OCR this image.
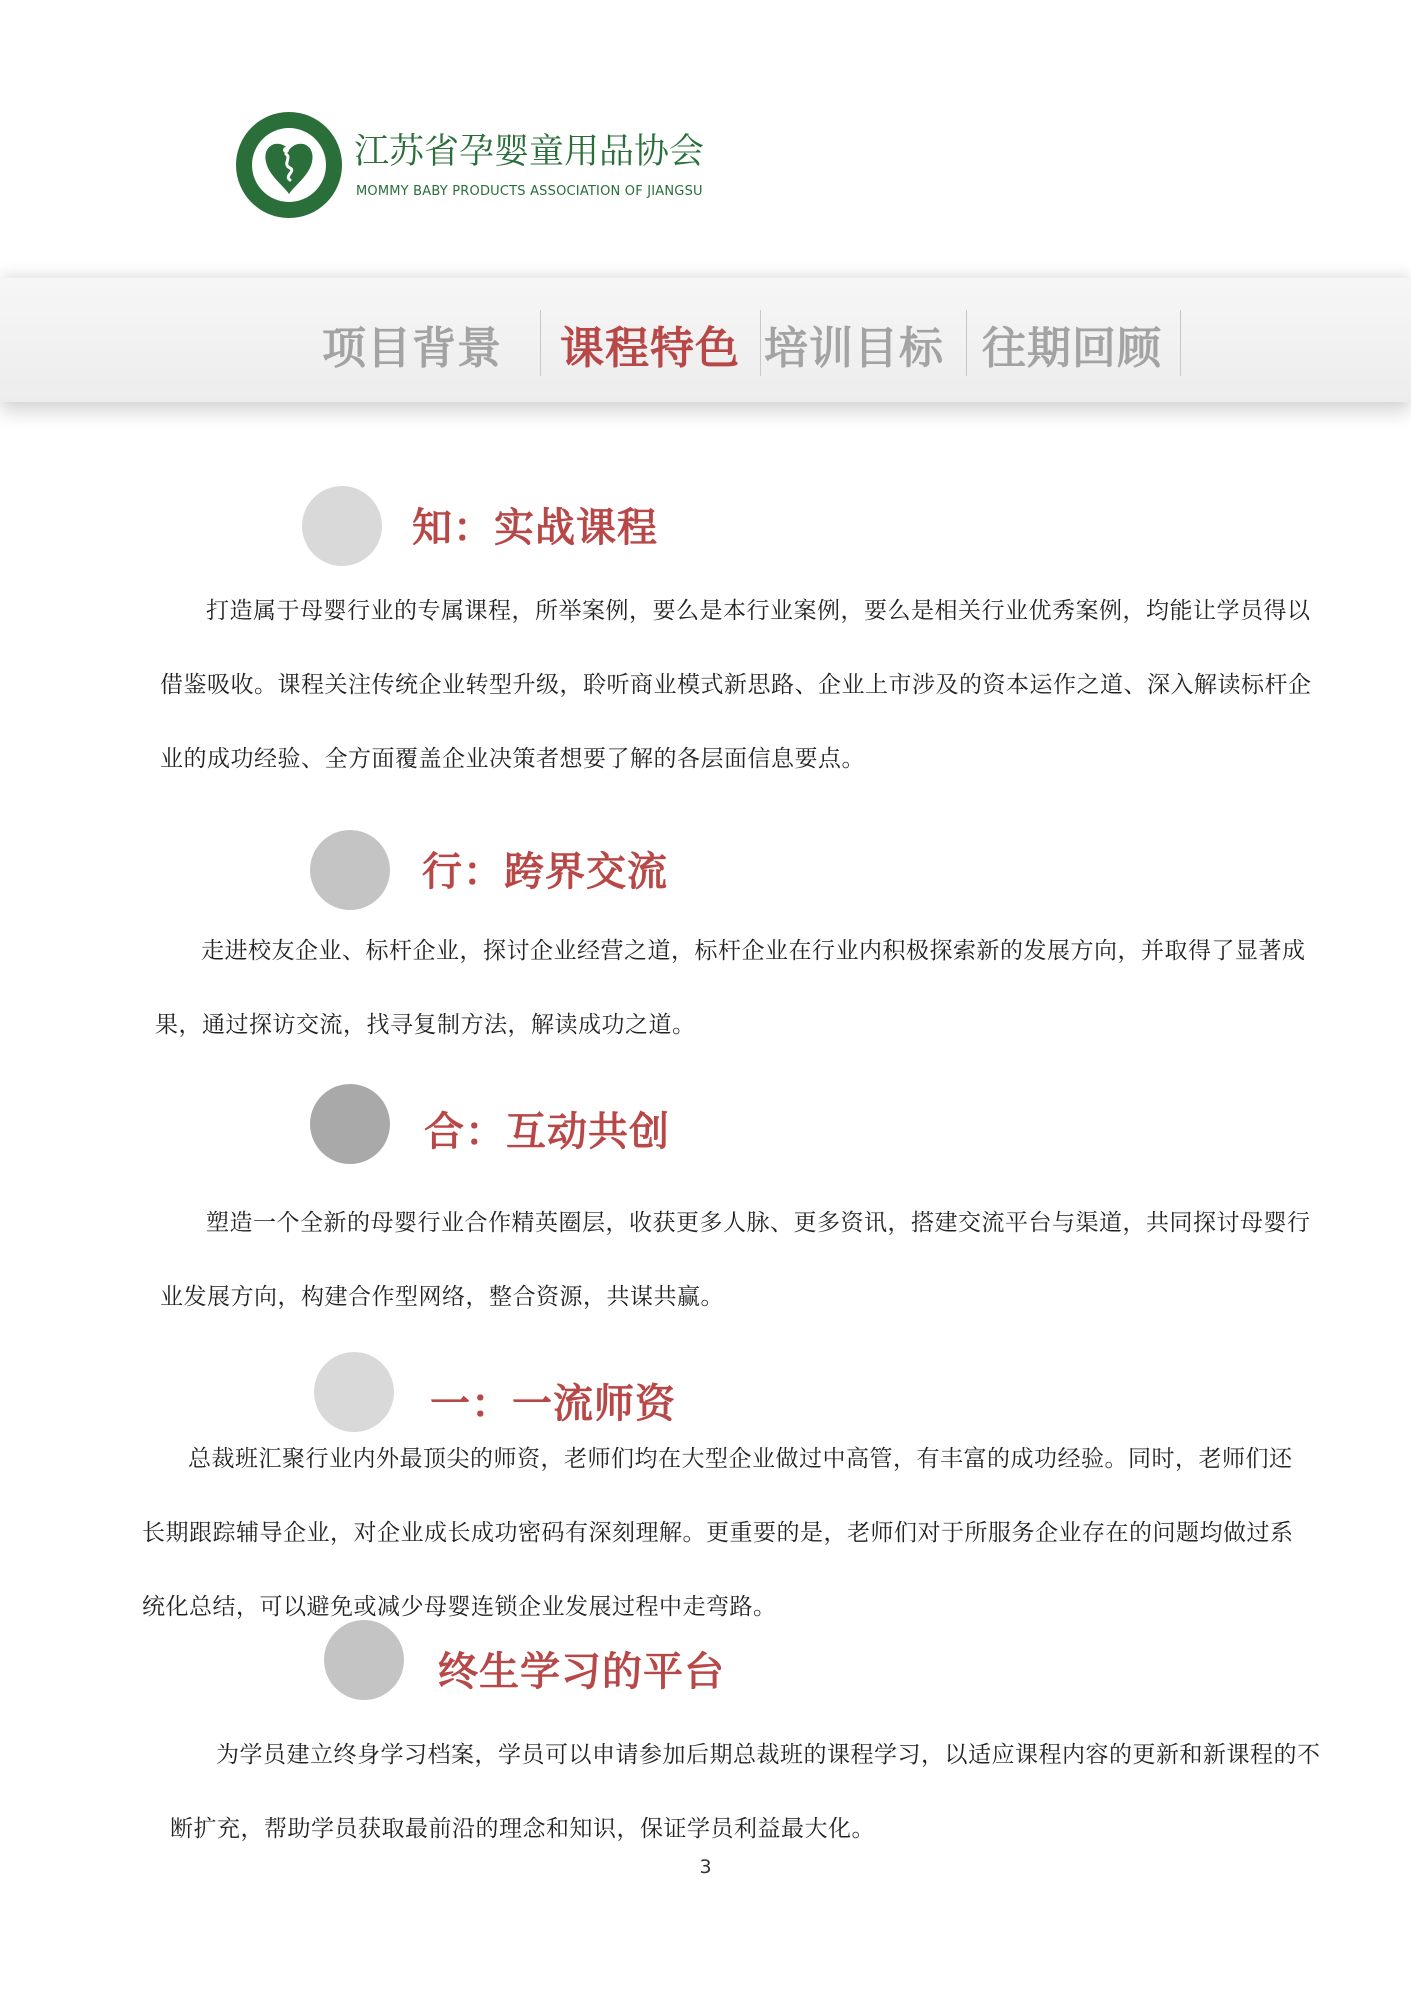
江苏省孕婴童用品协会
MOMMY BABY PRODUCTS ASSOCIATION OF JIANGSU
项目背景 课程特色 培训目标 往期回顾
知：实战课程
打造属于母婴行业的专属课程，所举案例，要么是本行业案例，要么是相关行业优秀案例，均能让学员得以借鉴吸收。课程关注传统企业转型升级，聆听商业模式新思路、企业上市涉及的资本运作之道、深入解读标杆企业的成功经验、全方面覆盖企业决策者想要了解的各层面信息要点。
行：跨界交流
走进校友企业、标杆企业，探讨企业经营之道，标杆企业在行业内积极探索新的发展方向，并取得了显著成果，通过探访交流，找寻复制方法，解读成功之道。
合：互动共创
塑造一个全新的母婴行业合作精英圈层，收获更多人脉、更多资讯，搭建交流平台与渠道，共同探讨母婴行业发展方向，构建合作型网络，整合资源，共谋共赢。
一：一流师资
总裁班汇聚行业内外最顶尖的师资，老师们均在大型企业做过中高管，有丰富的成功经验。同时，老师们还长期跟踪辅导企业，对企业成长成功密码有深刻理解。更重要的是，老师们对于所服务企业存在的问题均做过系统化总结，可以避免或减少母婴连锁企业发展过程中走弯路。
终生学习的平台
为学员建立终身学习档案，学员可以申请参加后期总裁班的课程学习，以适应课程内容的更新和新课程的不断扩充，帮助学员获取最前沿的理念和知识，保证学员利益最大化。
3
